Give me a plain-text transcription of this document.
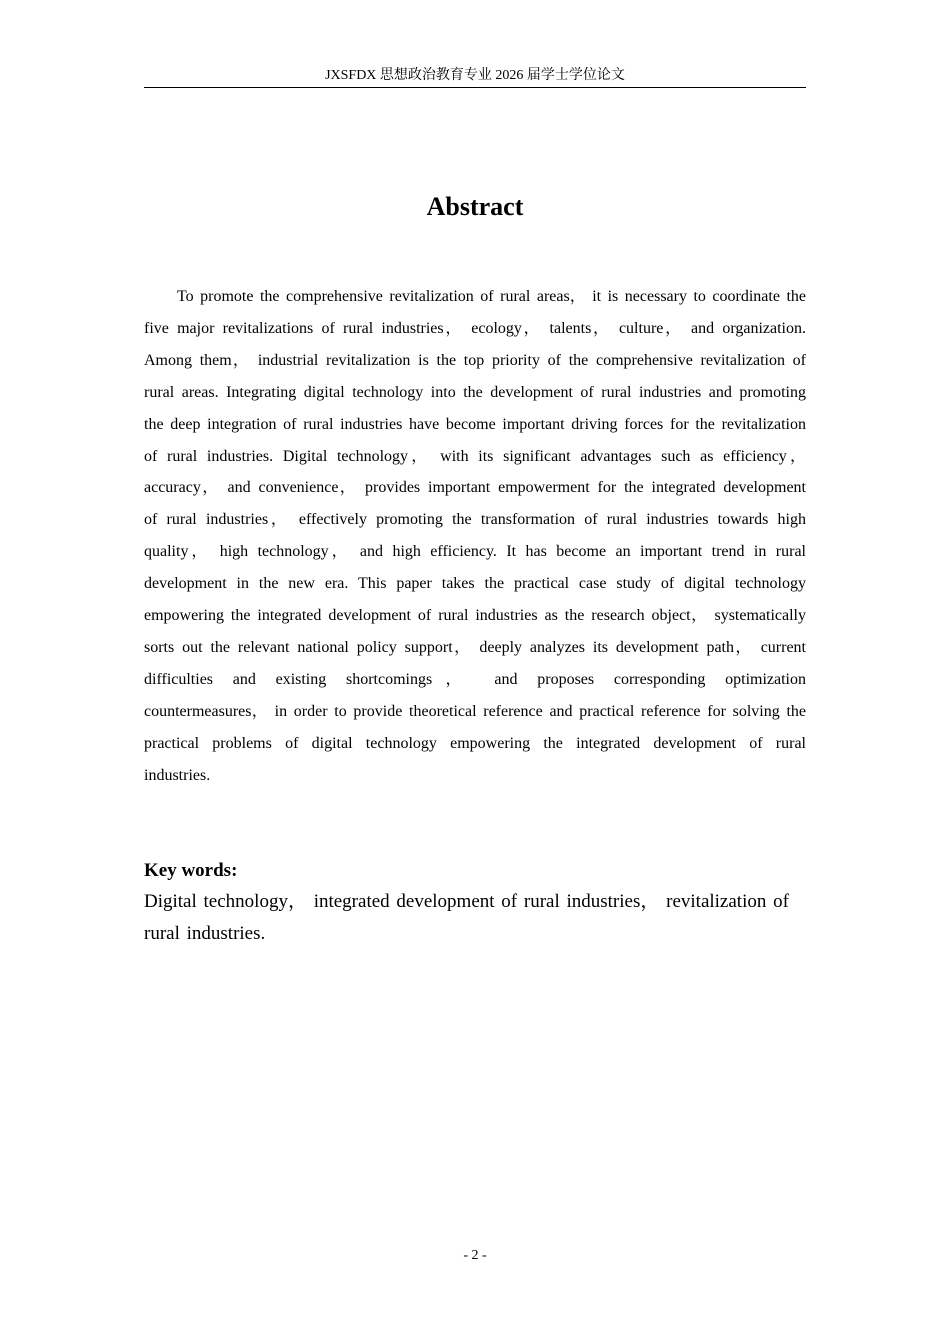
JXSFDX 思想政治教育专业 2026 届学士学位论文
Abstract

To promote the comprehensive revitalization of rural areas， it is necessary to coordinate the five major revitalizations of rural industries， ecology， talents， culture， and organization. Among them， industrial revitalization is the top priority of the comprehensive revitalization of rural areas. Integrating digital technology into the development of rural industries and promoting the deep integration of rural industries have become important driving forces for the revitalization of rural industries. Digital technology， with its significant advantages such as efficiency， accuracy， and convenience， provides important empowerment for the integrated development of rural industries， effectively promoting the transformation of rural industries towards high quality， high technology， and high efficiency. It has become an important trend in rural development in the new era. This paper takes the practical case study of digital technology empowering the integrated development of rural industries as the research object， systematically sorts out the relevant national policy support， deeply analyzes its development path， current difficulties and existing shortcomings， and proposes corresponding optimization countermeasures， in order to provide theoretical reference and practical reference for solving the practical problems of digital technology empowering the integrated development of rural industries.

Key words:
Digital technology， integrated development of rural industries， revitalization of rural industries.
- 2 -
